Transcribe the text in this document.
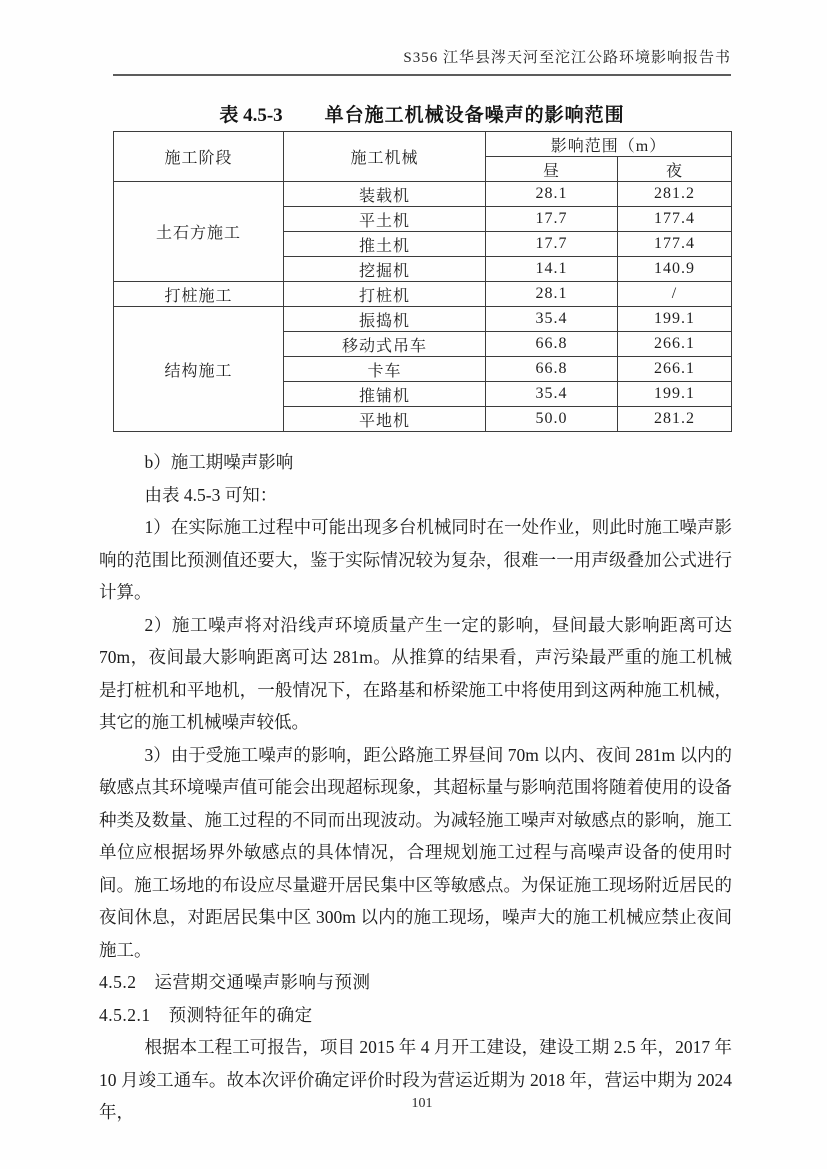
S356 江华县涔天河至沱江公路环境影响报告书
表 4.5-3 单台施工机械设备噪声的影响范围
施工阶段	施工机械	影响范围（m）	
		昼	夜
土石方施工	装载机	28.1	281.2
	平土机	17.7	177.4
	推土机	17.7	177.4
	挖掘机	14.1	140.9
打桩施工	打桩机	28.1	/
结构施工	振捣机	35.4	199.1
	移动式吊车	66.8	266.1
	卡车	66.8	266.1
	推铺机	35.4	199.1
	平地机	50.0	281.2

b）施工期噪声影响

由表 4.5-3 可知：

1）在实际施工过程中可能出现多台机械同时在一处作业，则此时施工噪声影响的范围比预测值还要大，鉴于实际情况较为复杂，很难一一用声级叠加公式进行计算。

2）施工噪声将对沿线声环境质量产生一定的影响，昼间最大影响距离可达 70m，夜间最大影响距离可达 281m。从推算的结果看，声污染最严重的施工机械是打桩机和平地机，一般情况下，在路基和桥梁施工中将使用到这两种施工机械，其它的施工机械噪声较低。

3）由于受施工噪声的影响，距公路施工界昼间 70m 以内、夜间 281m 以内的敏感点其环境噪声值可能会出现超标现象，其超标量与影响范围将随着使用的设备种类及数量、施工过程的不同而出现波动。为减轻施工噪声对敏感点的影响，施工单位应根据场界外敏感点的具体情况，合理规划施工过程与高噪声设备的使用时间。施工场地的布设应尽量避开居民集中区等敏感点。为保证施工现场附近居民的夜间休息，对距居民集中区 300m 以内的施工现场，噪声大的施工机械应禁止夜间施工。

4.5.2　运营期交通噪声影响与预测

4.5.2.1　预测特征年的确定

根据本工程工可报告，项目 2015 年 4 月开工建设，建设工期 2.5 年，2017 年 10 月竣工通车。故本次评价确定评价时段为营运近期为 2018 年，营运中期为 2024 年，	101
